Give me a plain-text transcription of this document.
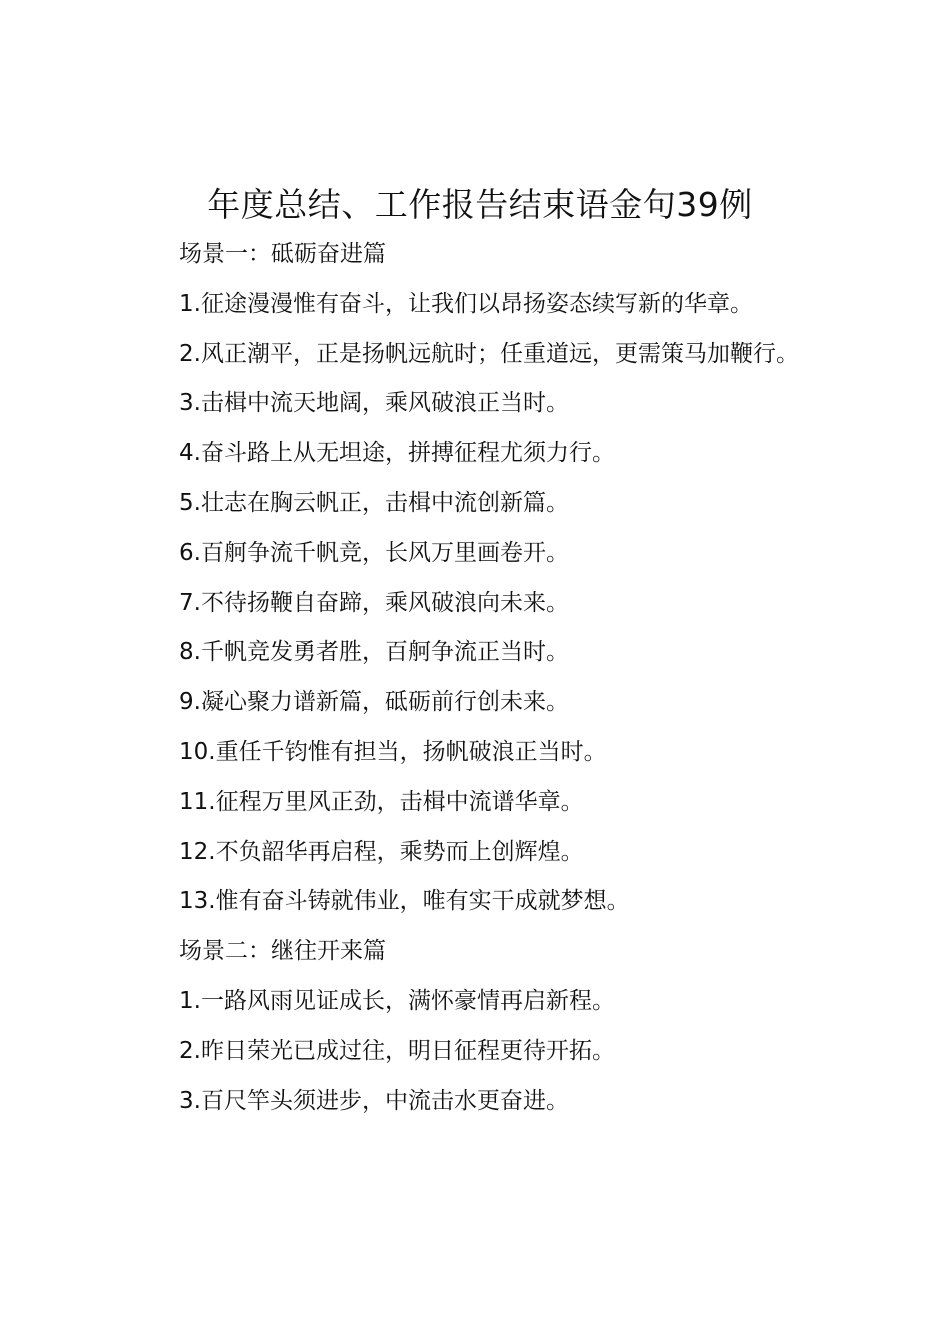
年度总结、工作报告结束语金句39例

场景一：砥砺奋进篇

1.征途漫漫惟有奋斗，让我们以昂扬姿态续写新的华章。

2.风正潮平，正是扬帆远航时；任重道远，更需策马加鞭行。

3.击楫中流天地阔，乘风破浪正当时。

4.奋斗路上从无坦途，拼搏征程尤须力行。

5.壮志在胸云帆正，击楫中流创新篇。

6.百舸争流千帆竞，长风万里画卷开。

7.不待扬鞭自奋蹄，乘风破浪向未来。

8.千帆竞发勇者胜，百舸争流正当时。

9.凝心聚力谱新篇，砥砺前行创未来。

10.重任千钧惟有担当，扬帆破浪正当时。

11.征程万里风正劲，击楫中流谱华章。

12.不负韶华再启程，乘势而上创辉煌。

13.惟有奋斗铸就伟业，唯有实干成就梦想。

场景二：继往开来篇

1.一路风雨见证成长，满怀豪情再启新程。

2.昨日荣光已成过往，明日征程更待开拓。

3.百尺竿头须进步，中流击水更奋进。
